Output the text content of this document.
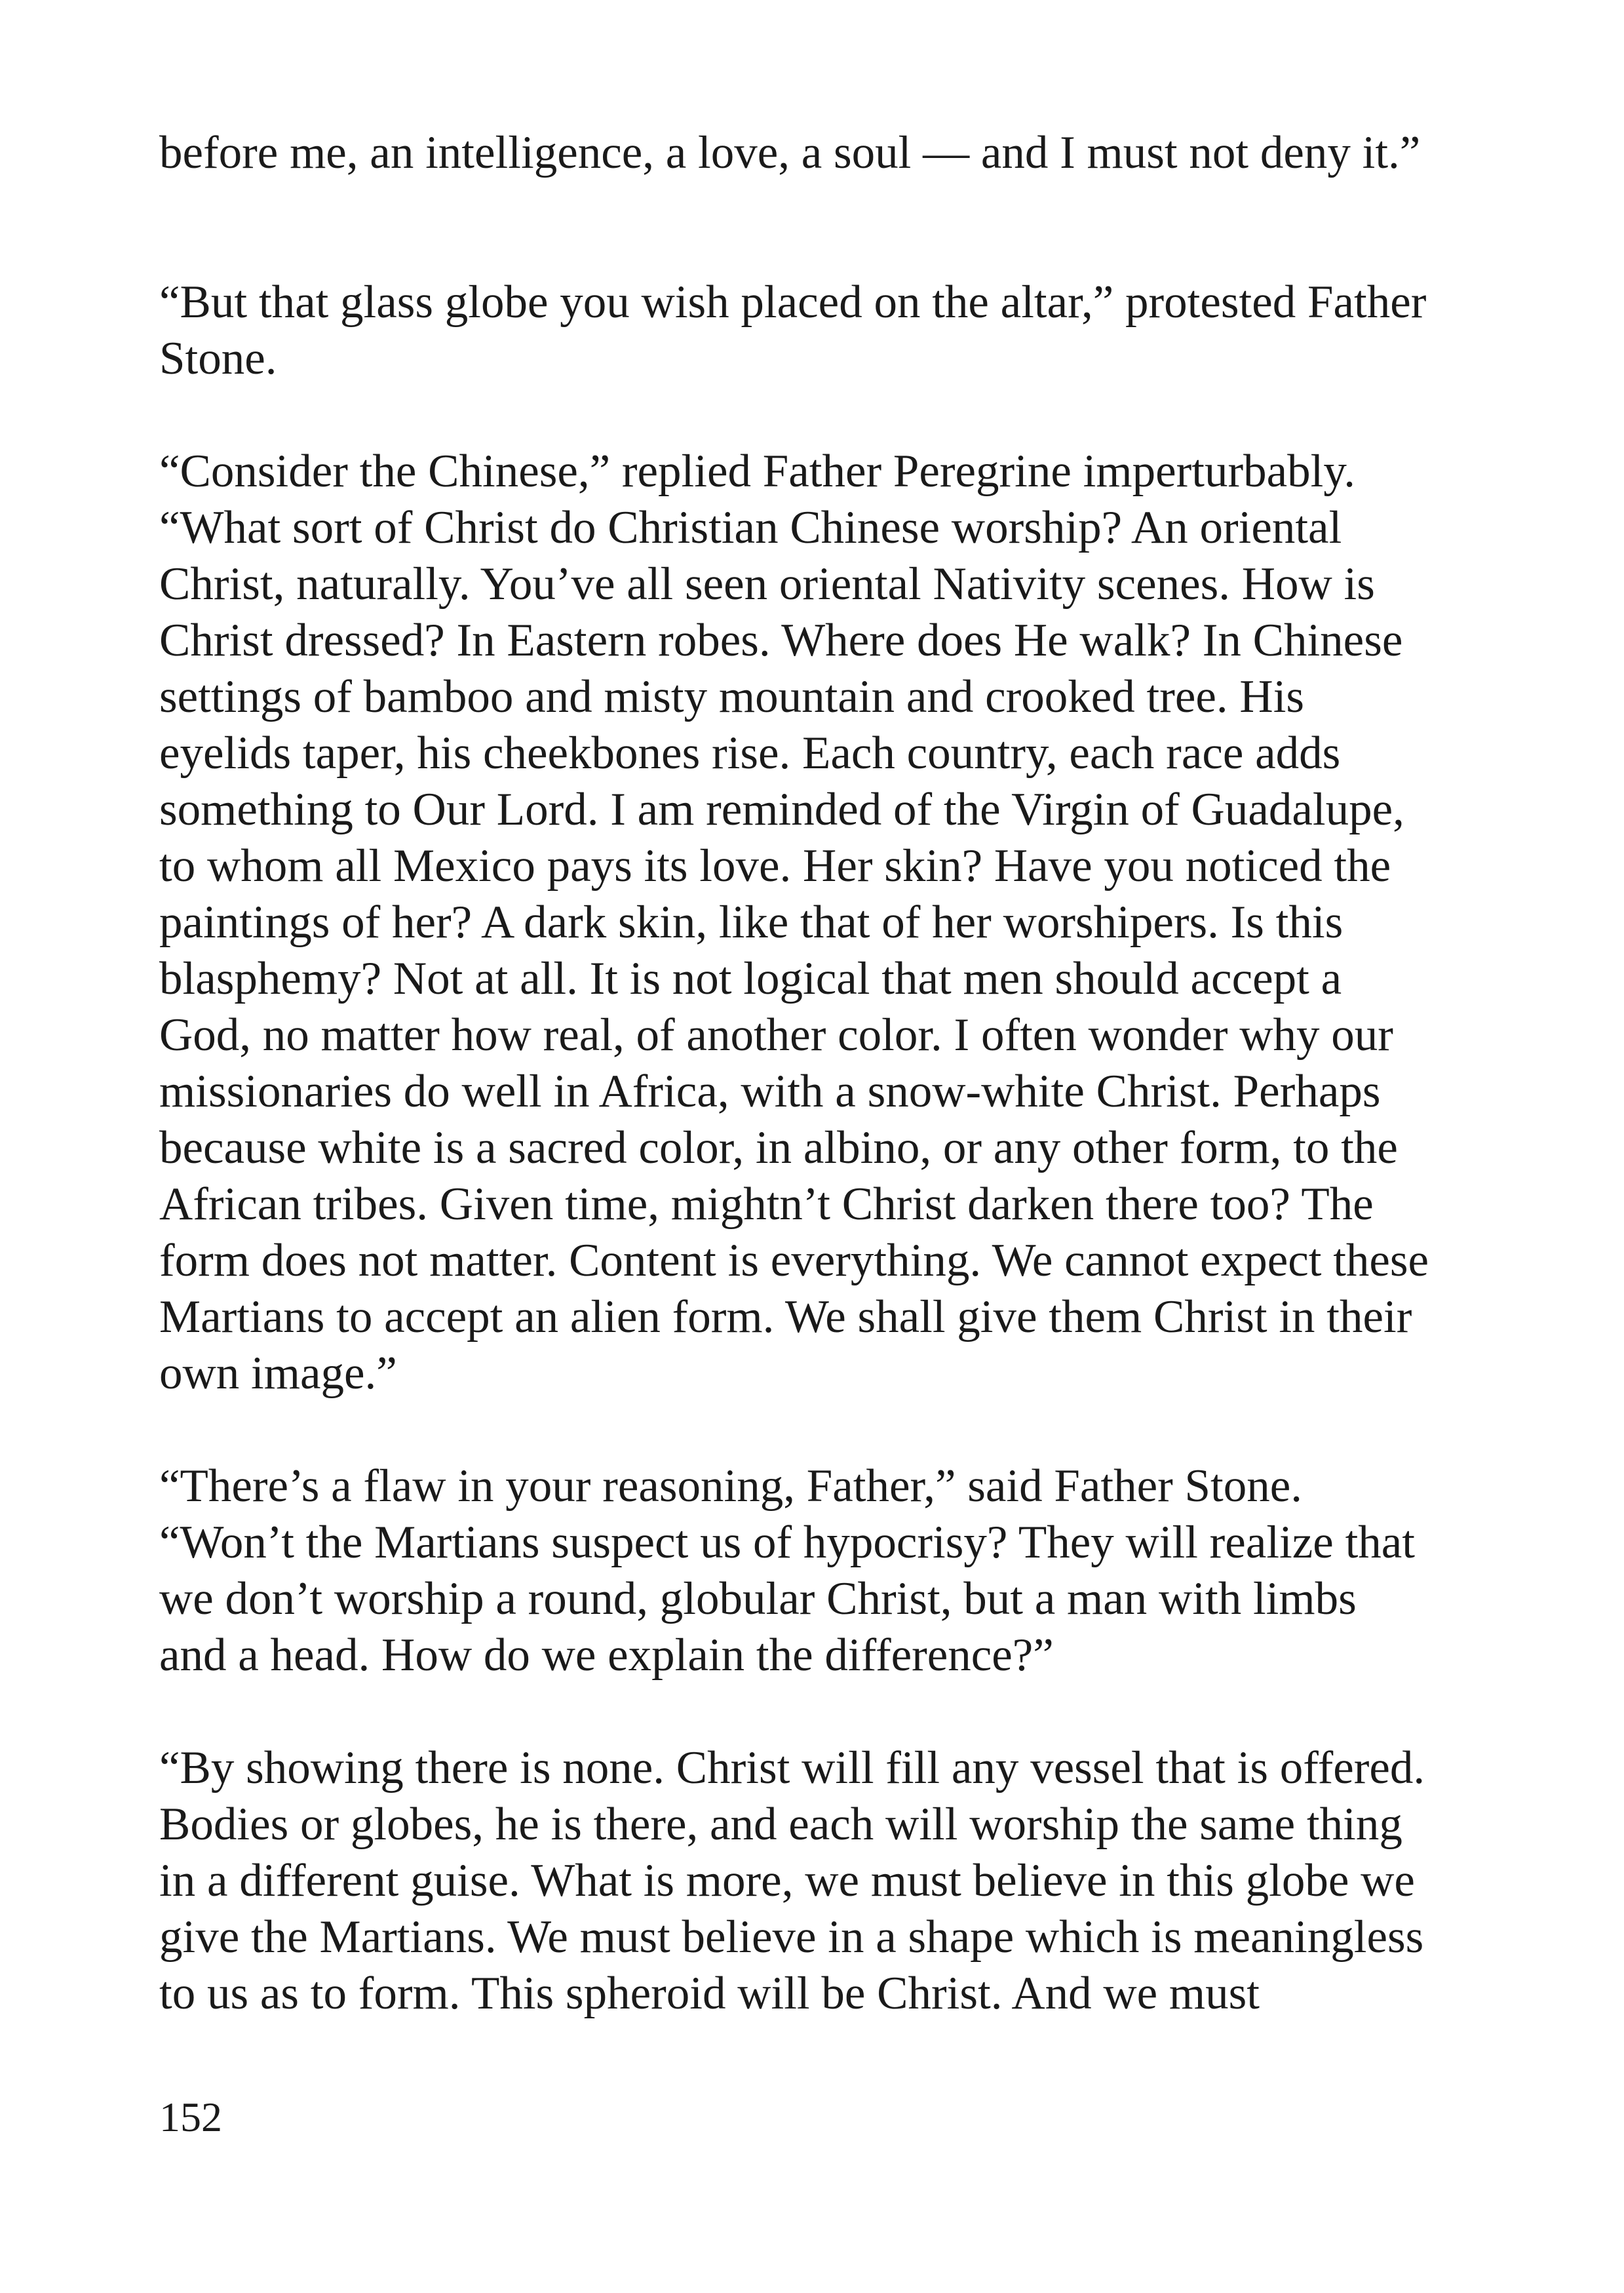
before me, an intelligence, a love, a soul — and I must not deny it.”

“But that glass globe you wish placed on the altar,” protested Father
Stone.

“Consider the Chinese,” replied Father Peregrine imperturbably.
“What sort of Christ do Christian Chinese worship? An oriental
Christ, naturally. You’ve all seen oriental Nativity scenes. How is
Christ dressed? In Eastern robes. Where does He walk? In Chinese
settings of bamboo and misty mountain and crooked tree. His
eyelids taper, his cheekbones rise. Each country, each race adds
something to Our Lord. I am reminded of the Virgin of Guadalupe,
to whom all Mexico pays its love. Her skin? Have you noticed the
paintings of her? A dark skin, like that of her worshipers. Is this
blasphemy? Not at all. It is not logical that men should accept a
God, no matter how real, of another color. I often wonder why our
missionaries do well in Africa, with a snow-white Christ. Perhaps
because white is a sacred color, in albino, or any other form, to the
African tribes. Given time, mightn’t Christ darken there too? The
form does not matter. Content is everything. We cannot expect these
Martians to accept an alien form. We shall give them Christ in their
own image.”

“There’s a flaw in your reasoning, Father,” said Father Stone.
“Won’t the Martians suspect us of hypocrisy? They will realize that
we don’t worship a round, globular Christ, but a man with limbs
and a head. How do we explain the difference?”

“By showing there is none. Christ will fill any vessel that is offered.
Bodies or globes, he is there, and each will worship the same thing
in a different guise. What is more, we must believe in this globe we
give the Martians. We must believe in a shape which is meaningless
to us as to form. This spheroid will be Christ. And we must

152
